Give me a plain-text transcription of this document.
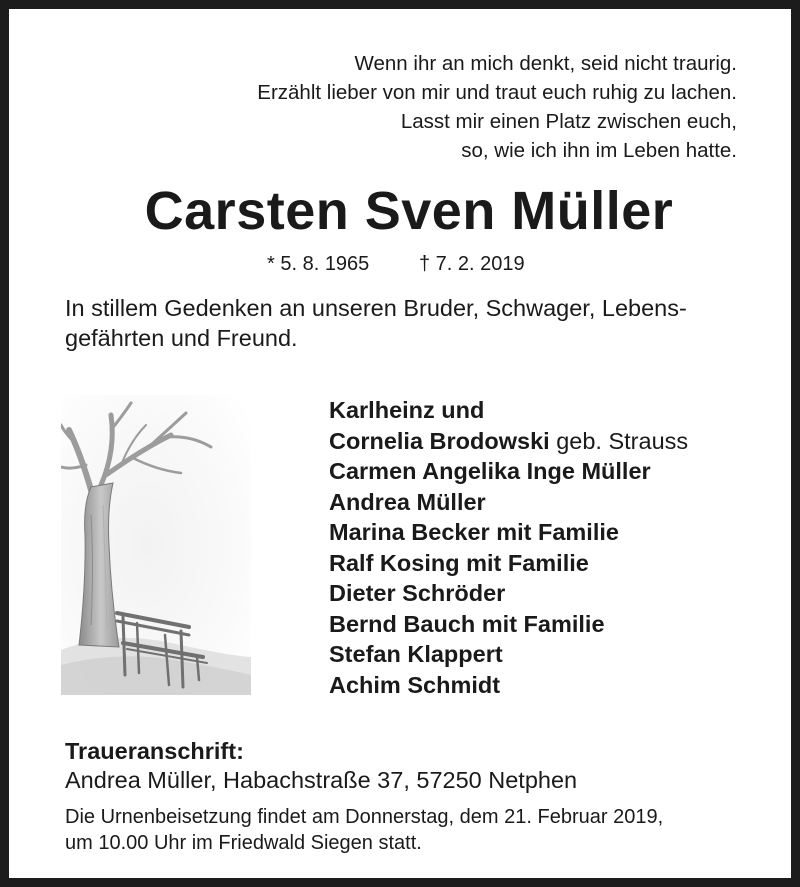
Wenn ihr an mich denkt, seid nicht traurig.
Erzählt lieber von mir und traut euch ruhig zu lachen.
Lasst mir einen Platz zwischen euch,
so, wie ich ihn im Leben hatte.
Carsten Sven Müller
* 5. 8. 1965 † 7. 2. 2019
In stillem Gedenken an unseren Bruder, Schwager, Lebens-
gefährten und Freund.
Karlheinz und
Cornelia Brodowski geb. Strauss
Carmen Angelika Inge Müller
Andrea Müller
Marina Becker mit Familie
Ralf Kosing mit Familie
Dieter Schröder
Bernd Bauch mit Familie
Stefan Klappert
Achim Schmidt
Traueranschrift:
Andrea Müller, Habachstraße 37, 57250 Netphen
Die Urnenbeisetzung findet am Donnerstag, dem 21. Februar 2019,
um 10.00 Uhr im Friedwald Siegen statt.
